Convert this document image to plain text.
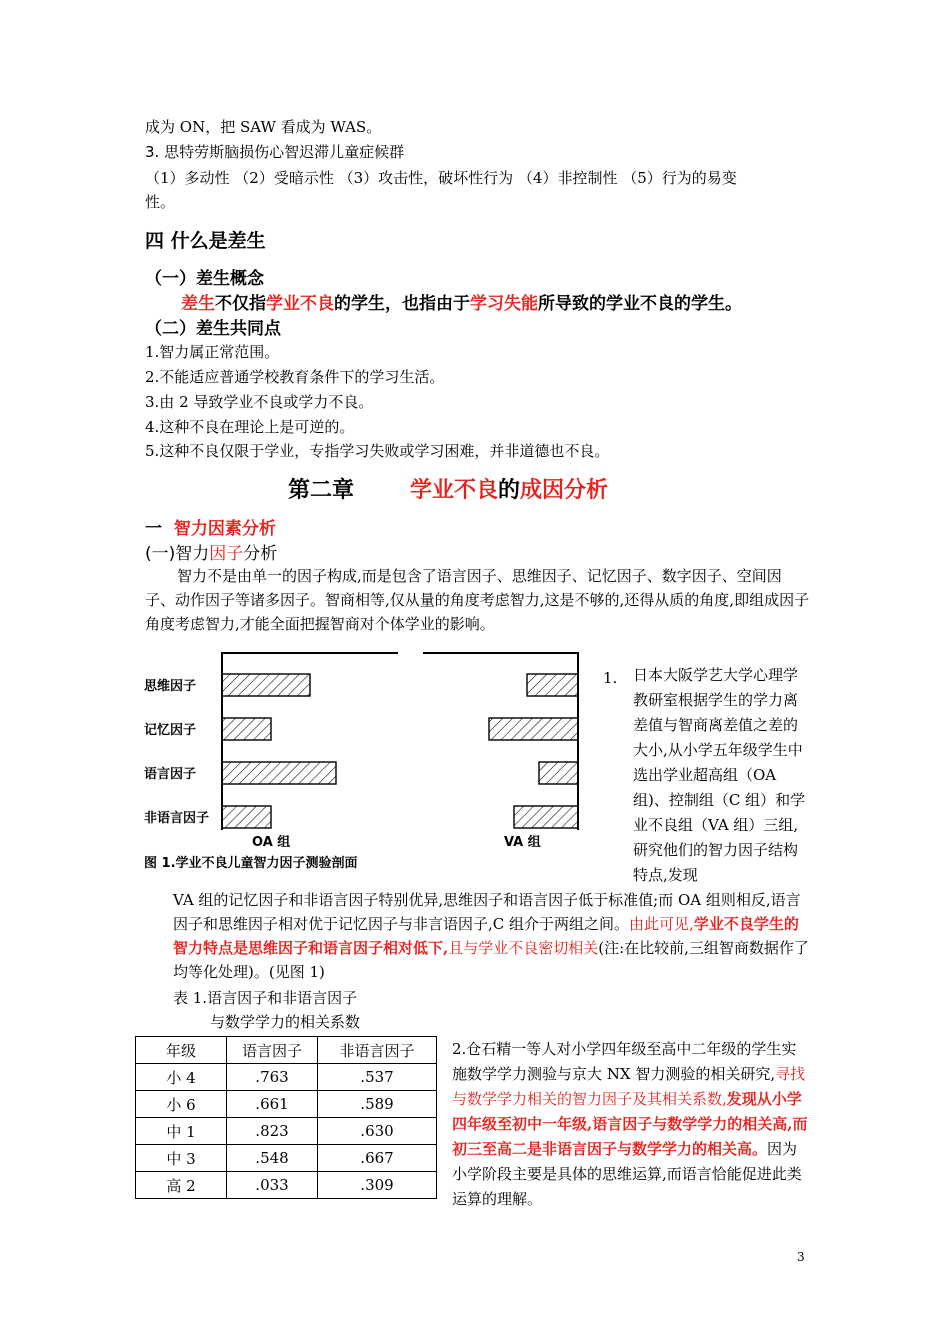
成为 ON，把 SAW 看成为 WAS。
3. 思特劳斯脑损伤心智迟滞儿童症候群
（1）多动性 （2）受暗示性 （3）攻击性，破坏性行为 （4）非控制性 （5）行为的易变
性。
四 什么是差生
（一）差生概念
差生不仅指学业不良的学生，也指由于学习失能所导致的学业不良的学生。
（二）差生共同点
1.智力属正常范围。
2.不能适应普通学校教育条件下的学习生活。
3.由 2 导致学业不良或学力不良。
4.这种不良在理论上是可逆的。
5.这种不良仅限于学业，专指学习失败或学习困难，并非道德也不良。
第二章	学业不良的成因分析
一 智力因素分析
(一)智力因子分析
智力不是由单一的因子构成,而是包含了语言因子、思维因子、记忆因子、数字因子、空间因子、动作因子等诸多因子。智商相等,仅从量的角度考虑智力,这是不够的,还得从质的角度,即组成因子角度考虑智力,才能全面把握智商对个体学业的影响。
思维因子
记忆因子
语言因子
非语言因子
OA 组	VA 组
图 1.学业不良儿童智力因子测验剖面
1. 日本大阪学艺大学心理学教研室根据学生的学力离差值与智商离差值之差的大小,从小学五年级学生中选出学业超高组（OA 组)、控制组（C 组）和学业不良组（VA 组）三组,研究他们的智力因子结构特点,发现
VA 组的记忆因子和非语言因子特别优异,思维因子和语言因子低于标准值;而 OA 组则相反,语言因子和思维因子相对优于记忆因子与非言语因子,C 组介于两组之间。由此可见,学业不良学生的智力特点是思维因子和语言因子相对低下,且与学业不良密切相关(注:在比较前,三组智商数据作了均等化处理)。(见图 1)
表 1.语言因子和非语言因子
与数学学力的相关系数
年级	语言因子	非语言因子
小 4	.763	.537
小 6	.661	.589
中 1	.823	.630
中 3	.548	.667
高 2	.033	.309
2.仓石精一等人对小学四年级至高中二年级的学生实施数学学力测验与京大 NX 智力测验的相关研究,寻找与数学学力相关的智力因子及其相关系数,发现从小学四年级至初中一年级,语言因子与数学学力的相关高,而初三至高二是非语言因子与数学学力的相关高。因为小学阶段主要是具体的思维运算,而语言恰能促进此类运算的理解。
3
